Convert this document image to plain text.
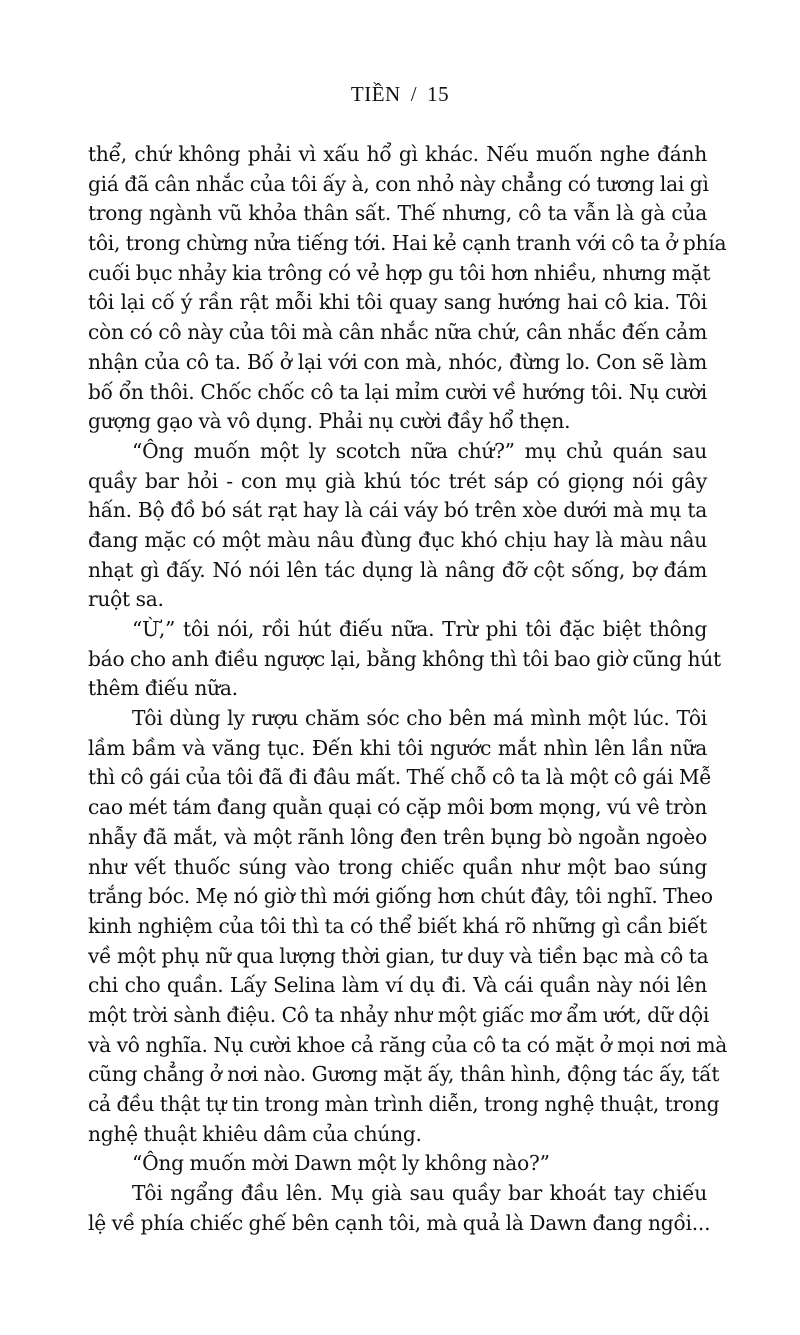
TIỀN / 15
thể, chứ không phải vì xấu hổ gì khác. Nếu muốn nghe đánh
giá đã cân nhắc của tôi ấy à, con nhỏ này chẳng có tương lai gì
trong ngành vũ khỏa thân sất. Thế nhưng, cô ta vẫn là gà của
tôi, trong chừng nửa tiếng tới. Hai kẻ cạnh tranh với cô ta ở phía
cuối bục nhảy kia trông có vẻ hợp gu tôi hơn nhiều, nhưng mặt
tôi lại cố ý rần rật mỗi khi tôi quay sang hướng hai cô kia. Tôi
còn có cô này của tôi mà cân nhắc nữa chứ, cân nhắc đến cảm
nhận của cô ta. Bố ở lại với con mà, nhóc, đừng lo. Con sẽ làm
bố ổn thôi. Chốc chốc cô ta lại mỉm cười về hướng tôi. Nụ cười
gượng gạo và vô dụng. Phải nụ cười đầy hổ thẹn.
“Ông muốn một ly scotch nữa chứ?” mụ chủ quán sau
quầy bar hỏi - con mụ già khú tóc trét sáp có giọng nói gây
hấn. Bộ đồ bó sát rạt hay là cái váy bó trên xòe dưới mà mụ ta
đang mặc có một màu nâu đùng đục khó chịu hay là màu nâu
nhạt gì đấy. Nó nói lên tác dụng là nâng đỡ cột sống, bợ đám
ruột sa.
“Ừ,” tôi nói, rồi hút điếu nữa. Trừ phi tôi đặc biệt thông
báo cho anh điều ngược lại, bằng không thì tôi bao giờ cũng hút
thêm điếu nữa.
Tôi dùng ly rượu chăm sóc cho bên má mình một lúc. Tôi
lầm bầm và văng tục. Đến khi tôi ngước mắt nhìn lên lần nữa
thì cô gái của tôi đã đi đâu mất. Thế chỗ cô ta là một cô gái Mễ
cao mét tám đang quằn quại có cặp môi bơm mọng, vú vê tròn
nhẫy đã mắt, và một rãnh lông đen trên bụng bò ngoằn ngoèo
như vết thuốc súng vào trong chiếc quần như một bao súng
trắng bóc. Mẹ nó giờ thì mới giống hơn chút đây, tôi nghĩ. Theo
kinh nghiệm của tôi thì ta có thể biết khá rõ những gì cần biết
về một phụ nữ qua lượng thời gian, tư duy và tiền bạc mà cô ta
chi cho quần. Lấy Selina làm ví dụ đi. Và cái quần này nói lên
một trời sành điệu. Cô ta nhảy như một giấc mơ ẩm ướt, dữ dội
và vô nghĩa. Nụ cười khoe cả răng của cô ta có mặt ở mọi nơi mà
cũng chẳng ở nơi nào. Gương mặt ấy, thân hình, động tác ấy, tất
cả đều thật tự tin trong màn trình diễn, trong nghệ thuật, trong
nghệ thuật khiêu dâm của chúng.
“Ông muốn mời Dawn một ly không nào?”
Tôi ngẩng đầu lên. Mụ già sau quầy bar khoát tay chiếu
lệ về phía chiếc ghế bên cạnh tôi, mà quả là Dawn đang ngồi...
